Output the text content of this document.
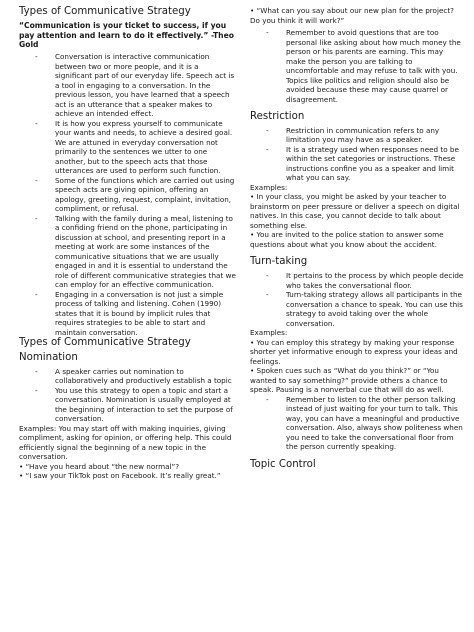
Types of Communicative Strategy

“Communication is your ticket to success, if you pay attention and learn to do it effectively.” -Theo Gold

- Conversation is interactive communication between two or more people, and it is a significant part of our everyday life. Speech act is a tool in engaging to a conversation. In the previous lesson, you have learned that a speech act is an utterance that a speaker makes to achieve an intended effect.
- It is how you express yourself to communicate your wants and needs, to achieve a desired goal. We are attuned in everyday conversation not primarily to the sentences we utter to one another, but to the speech acts that those utterances are used to perform such function.
- Some of the functions which are carried out using speech acts are giving opinion, offering an apology, greeting, request, complaint, invitation, compliment, or refusal.
- Talking with the family during a meal, listening to a confiding friend on the phone, participating in discussion at school, and presenting report in a meeting at work are some instances of the communicative situations that we are usually engaged in and it is essential to understand the role of different communicative strategies that we can employ for an effective communication.
- Engaging in a conversation is not just a simple process of talking and listening. Cohen (1990) states that it is bound by implicit rules that requires strategies to be able to start and maintain conversation.
Types of Communicative Strategy
Nomination
- A speaker carries out nomination to collaboratively and productively establish a topic
- You use this strategy to open a topic and start a conversation. Nomination is usually employed at the beginning of interaction to set the purpose of conversation.

Examples: You may start off with making inquiries, giving compliment, asking for opinion, or offering help. This could efficiently signal the beginning of a new topic in the conversation.

• “Have you heard about “the new normal”?

• “I saw your TikTok post on Facebook. It’s really great.”

• “What can you say about our new plan for the project? Do you think it will work?”

- Remember to avoid questions that are too personal like asking about how much money the person or his parents are earning. This may make the person you are talking to uncomfortable and may refuse to talk with you. Topics like politics and religion should also be avoided because these may cause quarrel or disagreement.
Restriction
- Restriction in communication refers to any limitation you may have as a speaker.
- It is a strategy used when responses need to be within the set categories or instructions. These instructions confine you as a speaker and limit what you can say.

Examples:

• In your class, you might be asked by your teacher to brainstorm on peer pressure or deliver a speech on digital natives. In this case, you cannot decide to talk about something else.

• You are invited to the police station to answer some questions about what you know about the accident.

Turn-taking
- It pertains to the process by which people decide who takes the conversational floor.
- Turn-taking strategy allows all participants in the conversation a chance to speak. You can use this strategy to avoid taking over the whole conversation.

Examples:

• You can employ this strategy by making your response shorter yet informative enough to express your ideas and feelings.

• Spoken cues such as “What do you think?” or “You wanted to say something?” provide others a chance to speak. Pausing is a nonverbal cue that will do as well.

- Remember to listen to the other person talking instead of just waiting for your turn to talk. This way, you can have a meaningful and productive conversation. Also, always show politeness when you need to take the conversational floor from the person currently speaking.
Topic Control
